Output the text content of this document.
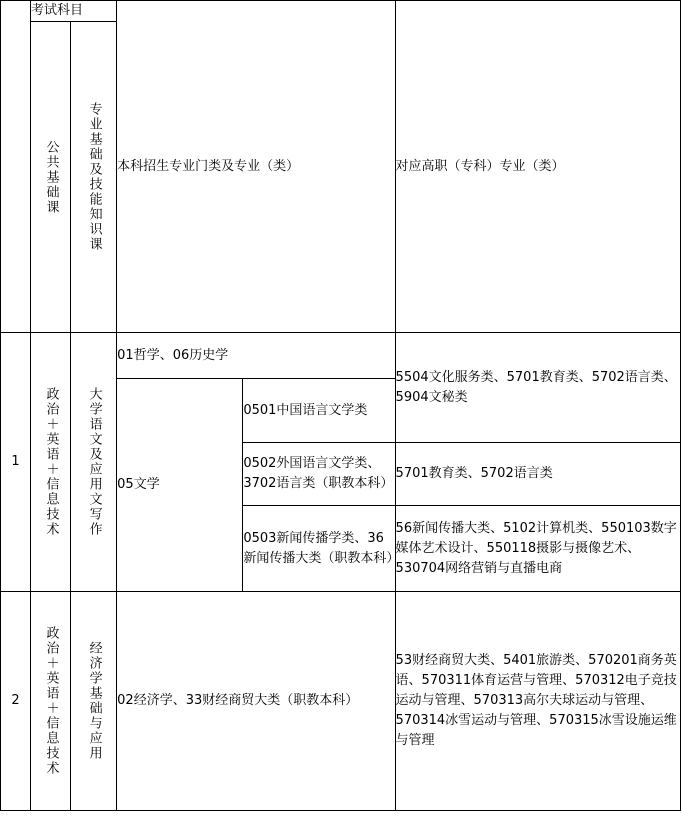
	考试科目		本科招生专业门类及专业（类）		对应高职（专科）专业（类）

	公共基础课	专业基础及技能知识课			

1	政治＋英语＋信息技术	大学语文及应用文写作	01哲学、06历史学		5504文化服务类、5701教育类、5702语言类、5904文秘类
			05文学	0501中国语言文学类	
				0502外国语言文学类、3702语言类（职教本科）	5701教育类、5702语言类
				0503新闻传播学类、36新闻传播大类（职教本科）	56新闻传播大类、5102计算机类、550103数字媒体艺术设计、550118摄影与摄像艺术、530704网络营销与直播电商
2	政治＋英语＋信息技术	经济学基础与应用	02经济学、33财经商贸大类（职教本科）		53财经商贸大类、5401旅游类、570201商务英语、570311体育运营与管理、570312电子竞技运动与管理、570313高尔夫球运动与管理、570314冰雪运动与管理、570315冰雪设施运维与管理
